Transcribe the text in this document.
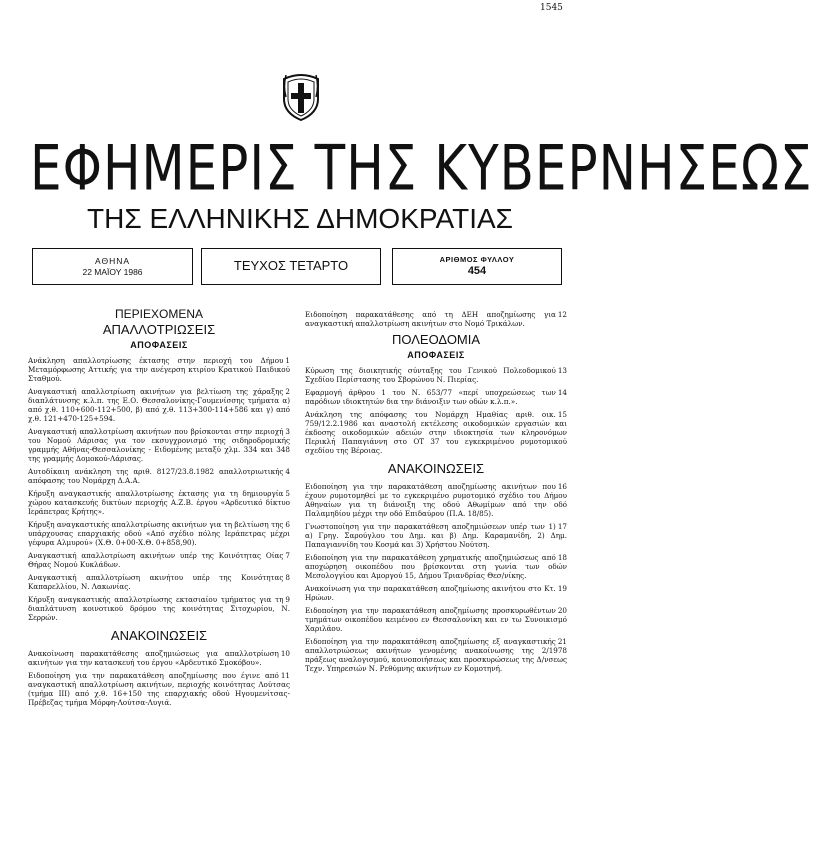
1545
ΕΦΗΜΕΡΙΣ ΤΗΣ ΚΥΒΕΡΝΗΣΕΩΣ
ΤΗΣ ΕΛΛΗΝΙΚΗΣ ΔΗΜΟΚΡΑΤΙΑΣ
ΑΘΗΝΑ
22 ΜΑΪΟΥ 1986	ΤΕΥΧΟΣ ΤΕΤΑΡΤΟ	ΑΡΙΘΜΟΣ ΦΥΛΛΟΥ
454
ΠΕΡΙΕΧΟΜΕΝΑ
ΑΠΑΛΛΟΤΡΙΩΣΕΙΣ
ΑΠΟΦΑΣΕΙΣ
1
Ανάκληση απαλλοτρίωσης έκτασης στην περιοχή του Δήμου Μεταμόρφωσης Αττικής για την ανέγερση κτιρίου Κρατικού Παιδικού Σταθμού.
2
Αναγκαστική απαλλοτρίωση ακινήτων για βελτίωση της χάραξης διαπλάτυνσης κ.λ.π. της Ε.Ο. Θεσσαλονίκης-Γουμενίσσης τμήματα α) από χ.θ. 110+600-112+500, β) από χ.θ. 113+300-114+586 και γ) από χ.θ. 121+470-125+594.
3
Αναγκαστική απαλλοτρίωση ακινήτων που βρίσκονται στην περιοχή του Νομού Λάρισας για τον εκσυγχρονισμό της σιδηροδρομικής γραμμής Αθήνας-Θεσσαλονίκης - Ειδομένης μεταξύ χλμ. 334 και 348 της γραμμής Δομοκού-Λάρισας.
4
Αυτοδίκαιη ανάκληση της αριθ. 8127/23.8.1982 απαλλοτριωτικής απόφασης του Νομάρχη Δ.Α.Α.
5
Κήρυξη αναγκαστικής απαλλοτρίωσης έκτασης για τη δημιουργία χώρου κατασκευής δικτύων περιοχής Α.Ζ.Β. έργου «Αρδευτικό δίκτυο Ιεράπετρας Κρήτης».
6
Κήρυξη αναγκαστικής απαλλοτρίωσης ακινήτων για τη βελτίωση της υπάρχουσας επαρχιακής οδού «Από σχέδιο πόλης Ιεράπετρας μέχρι γέφυρα Αλμυρού» (Χ.Θ. 0+00-Χ.Θ. 0+858,90).
7
Αναγκαστική απαλλοτρίωση ακινήτων υπέρ της Κοινότητας Οίας Θήρας Νομού Κυκλάδων.
8
Αναγκαστική απαλλοτρίωση ακινήτου υπέρ της Κοινότητας Καπαρελλίου, Ν. Λακωνίας.
9
Κήρυξη αναγκαστικής απαλλοτρίωσης εκτασιαίου τμήματος για τη διαπλάτυνση κοινοτικού δρόμου της κοινότητας Σιτοχωρίου, Ν. Σερρών.
ΑΝΑΚΟΙΝΩΣΕΙΣ
10
Ανακοίνωση παρακατάθεσης αποζημιώσεως για απαλλοτρίωση ακινήτων για την κατασκευή του έργου «Αρδευτικό Σμοκόβου».
11
Ειδοποίηση για την παρακατάθεση αποζημίωσης που έγινε από αναγκαστική απαλλοτρίωση ακινήτων, περιοχής κοινότητας Λούτσας (τμήμα ΙΙΙ) από χ.θ. 16+150 της επαρχιακής οδού Ηγουμενίτσας-Πρέβεζας τμήμα Μόρφη-Λούτσα-Λυγιά.
12
Ειδοποίηση παρακατάθεσης από τη ΔΕΗ αποζημίωσης για αναγκαστική απαλλοτρίωση ακινήτων στο Νομό Τρικάλων.
ΠΟΛΕΟΔΟΜΙΑ
ΑΠΟΦΑΣΕΙΣ
13
Κύρωση της διοικητικής σύνταξης του Γενικού Πολεοδομικού Σχεδίου Περίστασης του Σβορώνου Ν. Πιερίας.
14
Εφαρμογή άρθρου 1 του Ν. 653/77 «περί υποχρεώσεως των παρόδιων ιδιοκτητών δια την διάνοιξιν των οδών κ.λ.π.».
15
Ανάκληση της απόφασης του Νομάρχη Ημαθίας αριθ. οικ. 759/12.2.1986 και αναστολή εκτέλεσης οικοδομικών εργασιών και έκδοσης οικοδομικών αδειών στην ιδιοκτησία των κληρονόμων Περικλή Παπαγιάννη στο ΟΤ 37 του εγκεκριμένου ρυμοτομικού σχεδίου της Βέροιας.
ΑΝΑΚΟΙΝΩΣΕΙΣ
16
Ειδοποίηση για την παρακατάθεση αποζημίωσης ακινήτων που έχουν ρυμοτομηθεί με το εγκεκριμένο ρυμοτομικό σχέδιο του Δήμου Αθηναίων για τη διάνοιξη της οδού Αθωμίμων από την οδό Παλαμηδίου μέχρι την οδό Επιδαύρου (Π.Α. 18/85).
17
Γνωστοποίηση για την παρακατάθεση αποζημιώσεων υπέρ των 1) α) Γρηγ. Σαρούγλου του Δημ. και β) Δημ. Καραμανίδη, 2) Δημ. Παπαγιαννίδη του Κοσμά και 3) Χρήστου Νούτση.
18
Ειδοποίηση για την παρακατάθεση χρηματικής αποζημιώσεως από αποχώρηση οικοπέδου που βρίσκονται στη γωνία των οδών Μεσολογγίου και Αμοργού 15, Δήμου Τριανδρίας Θεσ/νίκης.
19
Ανακοίνωση για την παρακατάθεση αποζημίωσης ακινήτου στο Κτ. Ηρώων.
20
Ειδοποίηση για την παρακατάθεση αποζημίωσης προσκυρωθέντων τμημάτων οικοπέδου κειμένου εν Θεσσαλονίκη και εν τω Συνοικισμό Χαριλάου.
21
Ειδοποίηση για την παρακατάθεση αποζημίωσης εξ αναγκαστικής απαλλοτριώσεως ακινήτων γενομένης ανακοίνωσης της 2/1978 πράξεως αναλογισμού, κοινοποιήσεως και προσκυρώσεως της Δ/νσεως Τεχν. Υπηρεσιών Ν. Ρεθύμνης ακινήτων εν Κομοτηνή.
